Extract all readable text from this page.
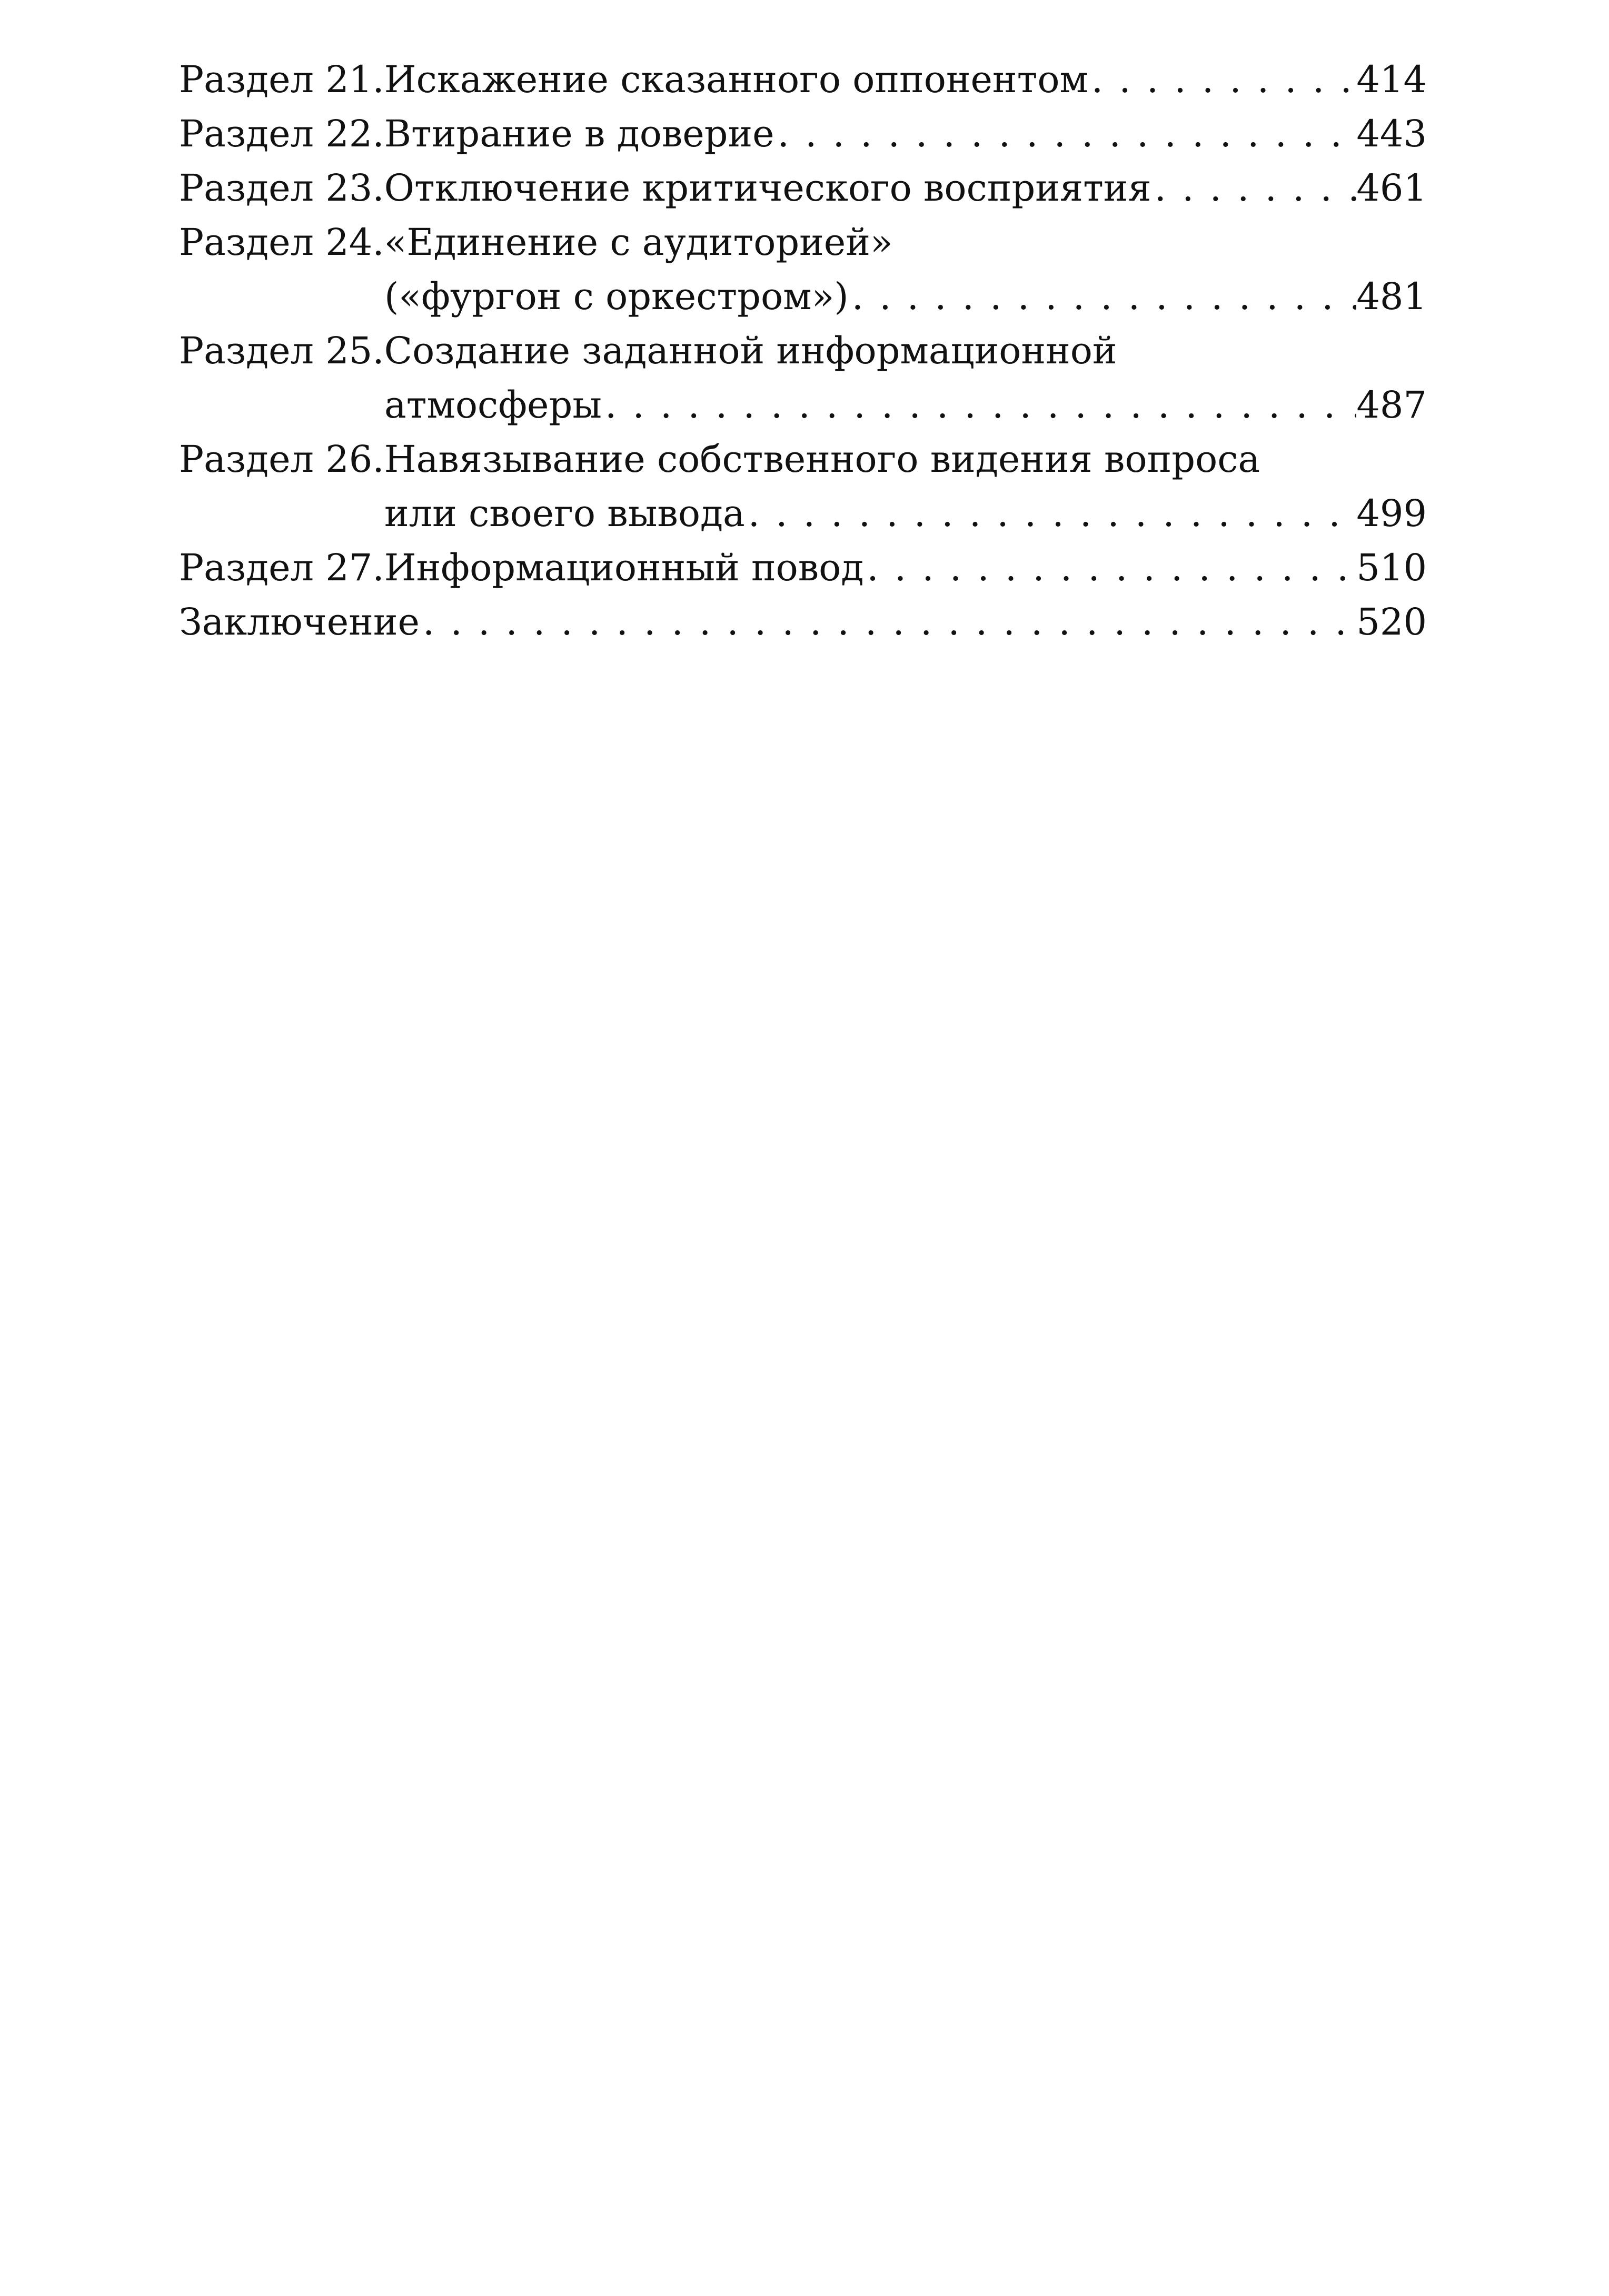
Раздел 21. Искажение сказанного оппонентом . . .	414
Раздел 22. Втирание в доверие . . .	443
Раздел 23. Отключение критического восприятия . . .	461
Раздел 24. «Единение с аудиторией»
(«фургон с оркестром») . . .	481
Раздел 25. Создание заданной информационной
атмосферы . . .	487
Раздел 26. Навязывание собственного видения вопроса
или своего вывода . . .	499
Раздел 27. Информационный повод . . .	510
Заключение . . .	520
